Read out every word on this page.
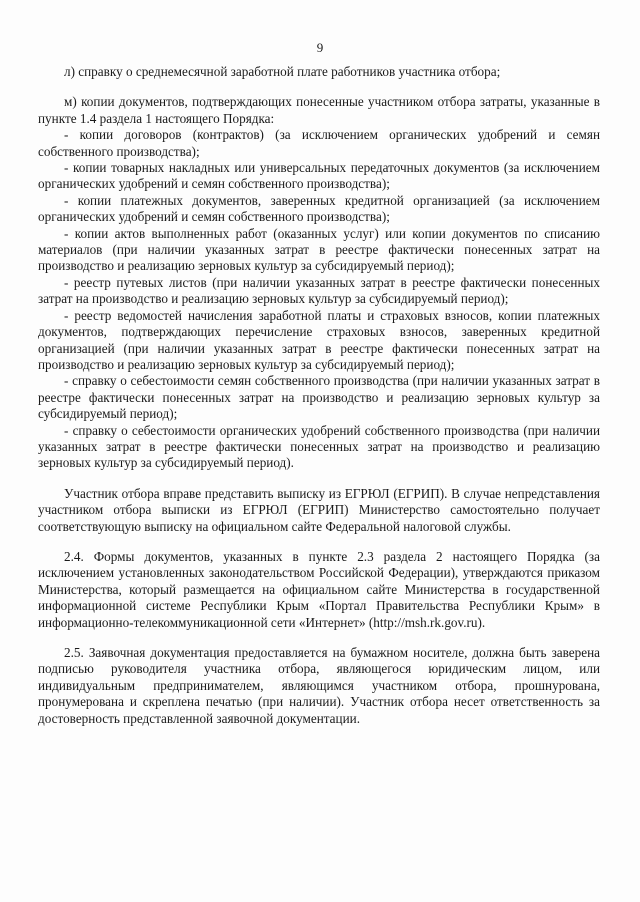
9

л) справку о среднемесячной заработной плате работников участника отбора;

м) копии документов, подтверждающих понесенные участником отбора затраты, указанные в пункте 1.4 раздела 1 настоящего Порядка:

- копии договоров (контрактов) (за исключением органических удобрений и семян собственного производства);

- копии товарных накладных или универсальных передаточных документов (за исключением органических удобрений и семян собственного производства);

- копии платежных документов, заверенных кредитной организацией (за исключением органических удобрений и семян собственного производства);

- копии актов выполненных работ (оказанных услуг) или копии документов по списанию материалов (при наличии указанных затрат в реестре фактически понесенных затрат на производство и реализацию зерновых культур за субсидируемый период);

- реестр путевых листов (при наличии указанных затрат в реестре фактически понесенных затрат на производство и реализацию зерновых культур за субсидируемый период);

- реестр ведомостей начисления заработной платы и страховых взносов, копии платежных документов, подтверждающих перечисление страховых взносов, заверенных кредитной организацией (при наличии указанных затрат в реестре фактически понесенных затрат на производство и реализацию зерновых культур за субсидируемый период);

- справку о себестоимости семян собственного производства (при наличии указанных затрат в реестре фактически понесенных затрат на производство и реализацию зерновых культур за субсидируемый период);

- справку о себестоимости органических удобрений собственного производства (при наличии указанных затрат в реестре фактически понесенных затрат на производство и реализацию зерновых культур за субсидируемый период).

Участник отбора вправе представить выписку из ЕГРЮЛ (ЕГРИП). В случае непредставления участником отбора выписки из ЕГРЮЛ (ЕГРИП) Министерство самостоятельно получает соответствующую выписку на официальном сайте Федеральной налоговой службы.

2.4. Формы документов, указанных в пункте 2.3 раздела 2 настоящего Порядка (за исключением установленных законодательством Российской Федерации), утверждаются приказом Министерства, который размещается на официальном сайте Министерства в государственной информационной системе Республики Крым «Портал Правительства Республики Крым» в информационно-телекоммуникационной сети «Интернет» (http://msh.rk.gov.ru).

2.5. Заявочная документация предоставляется на бумажном носителе, должна быть заверена подписью руководителя участника отбора, являющегося юридическим лицом, или индивидуальным предпринимателем, являющимся участником отбора, прошнурована, пронумерована и скреплена печатью (при наличии). Участник отбора несет ответственность за достоверность представленной заявочной документации.
